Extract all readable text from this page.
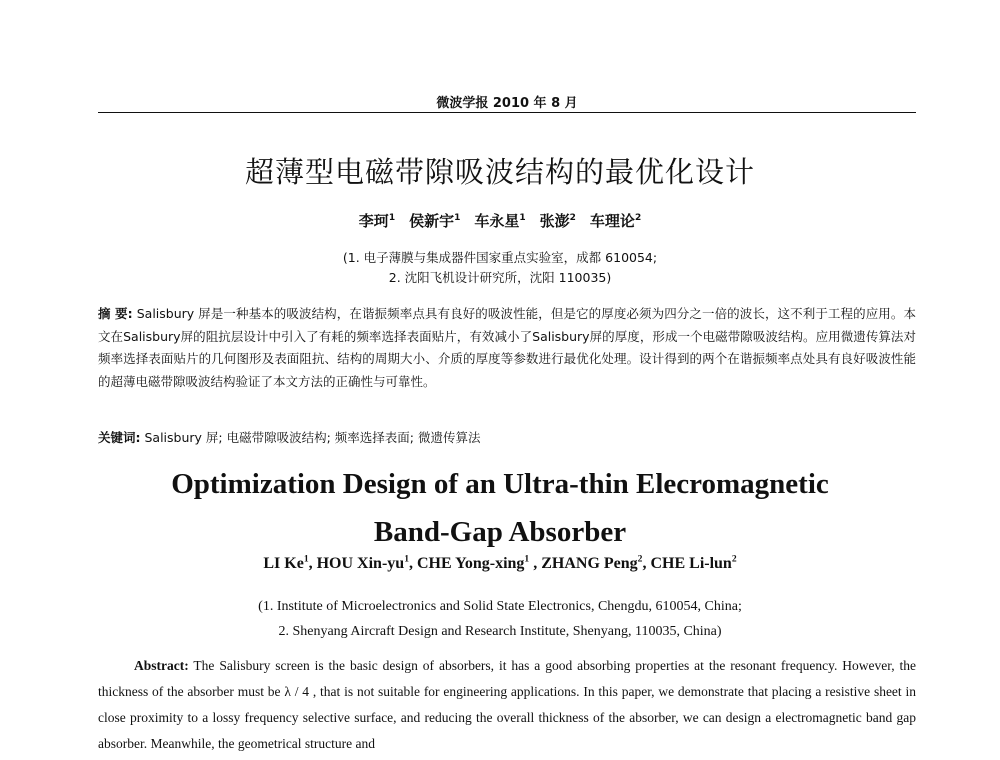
微波学报 2010 年 8 月
超薄型电磁带隙吸波结构的最优化设计
李珂$^1$ 侯新宇$^1$ 车永星$^1$ 张澎$^2$ 车理论$^2$
(1. 电子薄膜与集成器件国家重点实验室，成都 610054;
2. 沈阳飞机设计研究所，沈阳 110035)
摘 要: Salisbury 屏是一种基本的吸波结构，在谐振频率点具有良好的吸波性能，但是它的厚度必须为四分之一倍的波长，这不利于工程的应用。本文在Salisbury屏的阻抗层设计中引入了有耗的频率选择表面贴片，有效减小了Salisbury屏的厚度，形成一个电磁带隙吸波结构。应用微遗传算法对频率选择表面贴片的几何图形及表面阻抗、结构的周期大小、介质的厚度等参数进行最优化处理。设计得到的两个在谐振频率点处具有良好吸波性能的超薄电磁带隙吸波结构验证了本文方法的正确性与可靠性。
关键词: Salisbury 屏; 电磁带隙吸波结构; 频率选择表面; 微遗传算法
Optimization Design of an Ultra-thin Elecromagnetic
Band-Gap Absorber
LI Ke$^1$, HOU Xin-$yu^1$, CHE Yong-xing$^1$ , ZHANG Peng$^2$, CHE Li-lun$^2$
(1. Institute of Microelectronics and Solid State Electronics, Chengdu, 610054, China;
2. Shenyang Aircraft Design and Research Institute, Shenyang, 110035, China)
Abstract: The Salisbury screen is the basic design of absorbers, it has a good absorbing properties at the resonant frequency. However, the thickness of the absorber must be λ / 4 , that is not suitable for engineering applications. In this paper, we demonstrate that placing a resistive sheet in close proximity to a lossy frequency selective surface, and reducing the overall thickness of the absorber, we can design a electromagnetic band gap absorber. Meanwhile, the geometrical structure and
